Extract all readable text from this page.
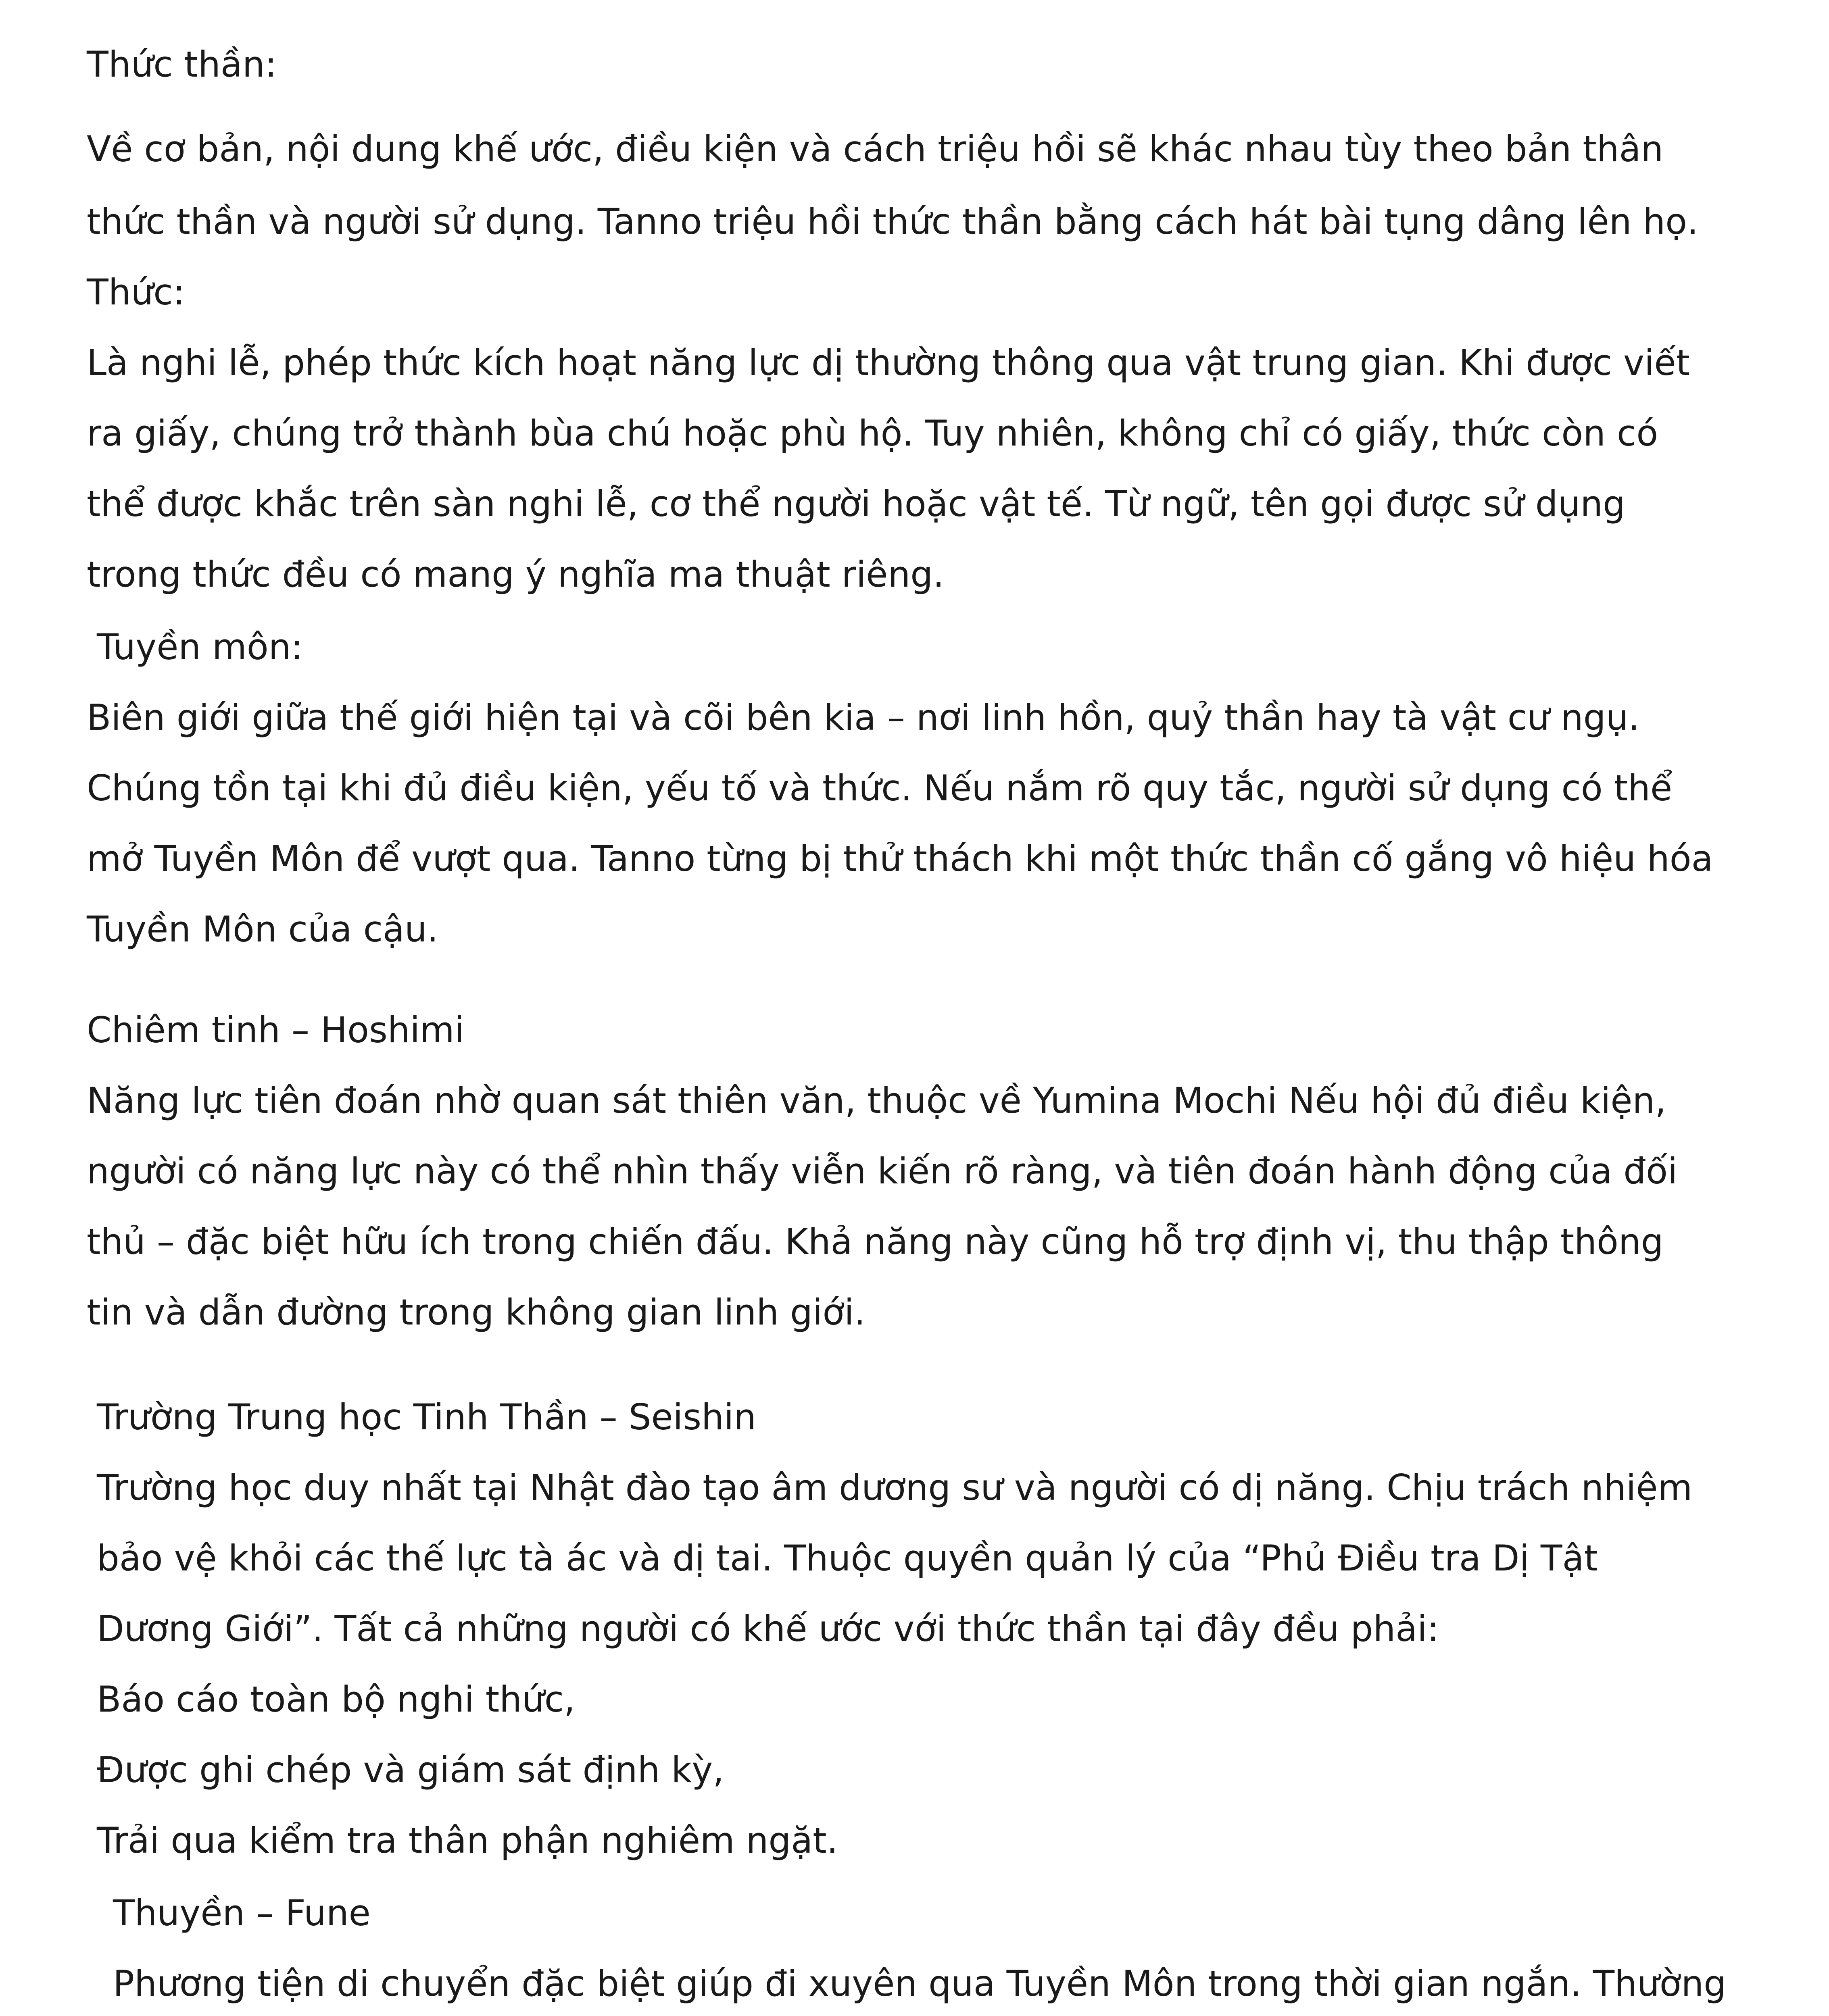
Thức thần:

Về cơ bản, nội dung khế ước, điều kiện và cách triệu hồi sẽ khác nhau tùy theo bản thân

thức thần và người sử dụng. Tanno triệu hồi thức thần bằng cách hát bài tụng dâng lên họ.

Thức:

Là nghi lễ, phép thức kích hoạt năng lực dị thường thông qua vật trung gian. Khi được viết

ra giấy, chúng trở thành bùa chú hoặc phù hộ. Tuy nhiên, không chỉ có giấy, thức còn có

thể được khắc trên sàn nghi lễ, cơ thể người hoặc vật tế. Từ ngữ, tên gọi được sử dụng

trong thức đều có mang ý nghĩa ma thuật riêng.

Tuyền môn:

Biên giới giữa thế giới hiện tại và cõi bên kia – nơi linh hồn, quỷ thần hay tà vật cư ngụ.

Chúng tồn tại khi đủ điều kiện, yếu tố và thức. Nếu nắm rõ quy tắc, người sử dụng có thể

mở Tuyền Môn để vượt qua. Tanno từng bị thử thách khi một thức thần cố gắng vô hiệu hóa

Tuyền Môn của cậu.

Chiêm tinh – Hoshimi

Năng lực tiên đoán nhờ quan sát thiên văn, thuộc về Yumina Mochi Nếu hội đủ điều kiện,

người có năng lực này có thể nhìn thấy viễn kiến rõ ràng, và tiên đoán hành động của đối

thủ – đặc biệt hữu ích trong chiến đấu. Khả năng này cũng hỗ trợ định vị, thu thập thông

tin và dẫn đường trong không gian linh giới.

Trường Trung học Tinh Thần – Seishin

Trường học duy nhất tại Nhật đào tạo âm dương sư và người có dị năng. Chịu trách nhiệm

bảo vệ khỏi các thế lực tà ác và dị tai. Thuộc quyền quản lý của “Phủ Điều tra Dị Tật

Dương Giới”. Tất cả những người có khế ước với thức thần tại đây đều phải:

Báo cáo toàn bộ nghi thức,

Được ghi chép và giám sát định kỳ,

Trải qua kiểm tra thân phận nghiêm ngặt.

Thuyền – Fune

Phương tiện di chuyển đặc biệt giúp đi xuyên qua Tuyền Môn trong thời gian ngắn. Thường
